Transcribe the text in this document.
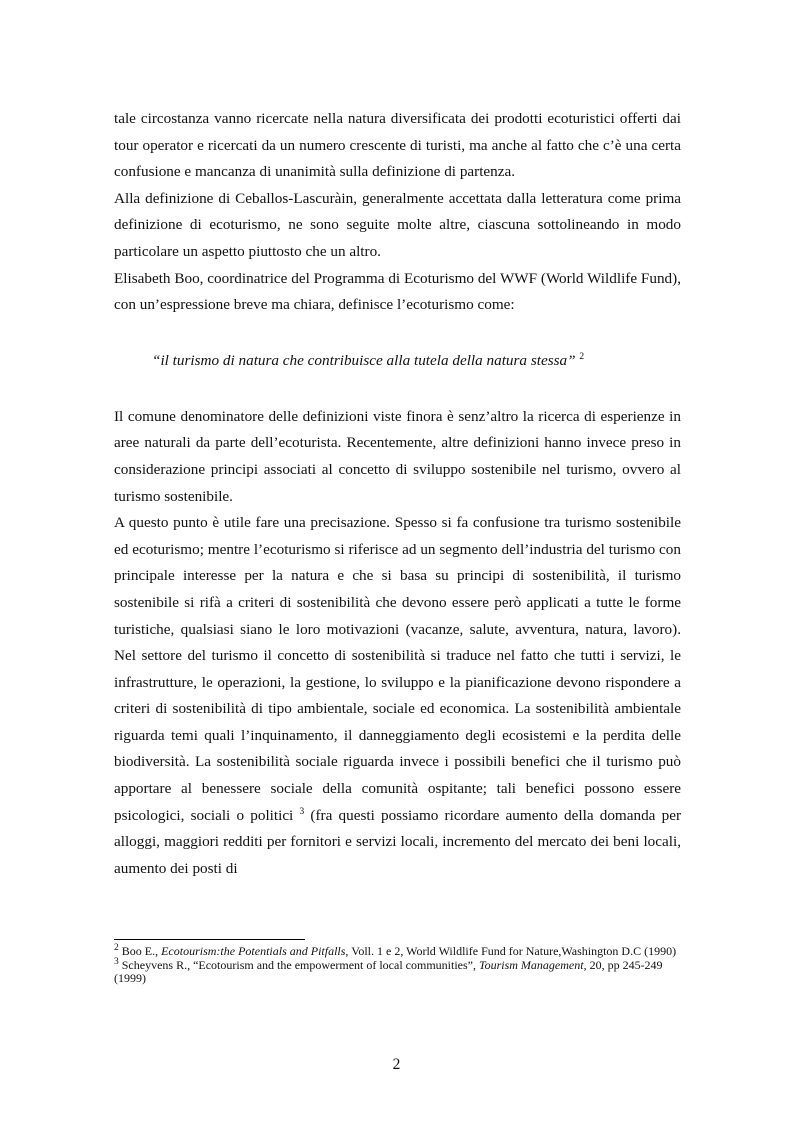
tale circostanza vanno ricercate nella natura diversificata dei prodotti ecoturistici offerti dai tour operator e ricercati da un numero crescente di turisti, ma anche al fatto che c’è una certa confusione e mancanza di unanimità sulla definizione di partenza.

Alla definizione di Ceballos-Lascuràin, generalmente accettata dalla letteratura come prima definizione di ecoturismo, ne sono seguite molte altre, ciascuna sottolineando in modo particolare un aspetto piuttosto che un altro.

Elisabeth Boo, coordinatrice del Programma di Ecoturismo del WWF (World Wildlife Fund), con un’espressione breve ma chiara, definisce l’ecoturismo come:

“il turismo di natura che contribuisce alla tutela della natura stessa” $^2$

Il comune denominatore delle definizioni viste finora è senz’altro la ricerca di esperienze in aree naturali da parte dell’ecoturista. Recentemente, altre definizioni hanno invece preso in considerazione principi associati al concetto di sviluppo sostenibile nel turismo, ovvero al turismo sostenibile.

A questo punto è utile fare una precisazione. Spesso si fa confusione tra turismo sostenibile ed ecoturismo; mentre l’ecoturismo si riferisce ad un segmento dell’industria del turismo con principale interesse per la natura e che si basa su principi di sostenibilità, il turismo sostenibile si rifà a criteri di sostenibilità che devono essere però applicati a tutte le forme turistiche, qualsiasi siano le loro motivazioni (vacanze, salute, avventura, natura, lavoro). Nel settore del turismo il concetto di sostenibilità si traduce nel fatto che tutti i servizi, le infrastrutture, le operazioni, la gestione, lo sviluppo e la pianificazione devono rispondere a criteri di sostenibilità di tipo ambientale, sociale ed economica. La sostenibilità ambientale riguarda temi quali l’inquinamento, il danneggiamento degli ecosistemi e la perdita delle biodiversità. La sostenibilità sociale riguarda invece i possibili benefici che il turismo può apportare al benessere sociale della comunità ospitante; tali benefici possono essere psicologici, sociali o politici $^3$ (fra questi possiamo ricordare aumento della domanda per alloggi, maggiori redditi per fornitori e servizi locali, incremento del mercato dei beni locali, aumento dei posti di

$^2$ Boo E., Ecotourism:the Potentials and Pitfalls, Voll. 1 e 2, World Wildlife Fund for Nature,Washington D.C (1990)

$^3$ Scheyvens R., “Ecotourism and the empowerment of local communities”, Tourism Management, 20, pp 245-249 (1999)

2
